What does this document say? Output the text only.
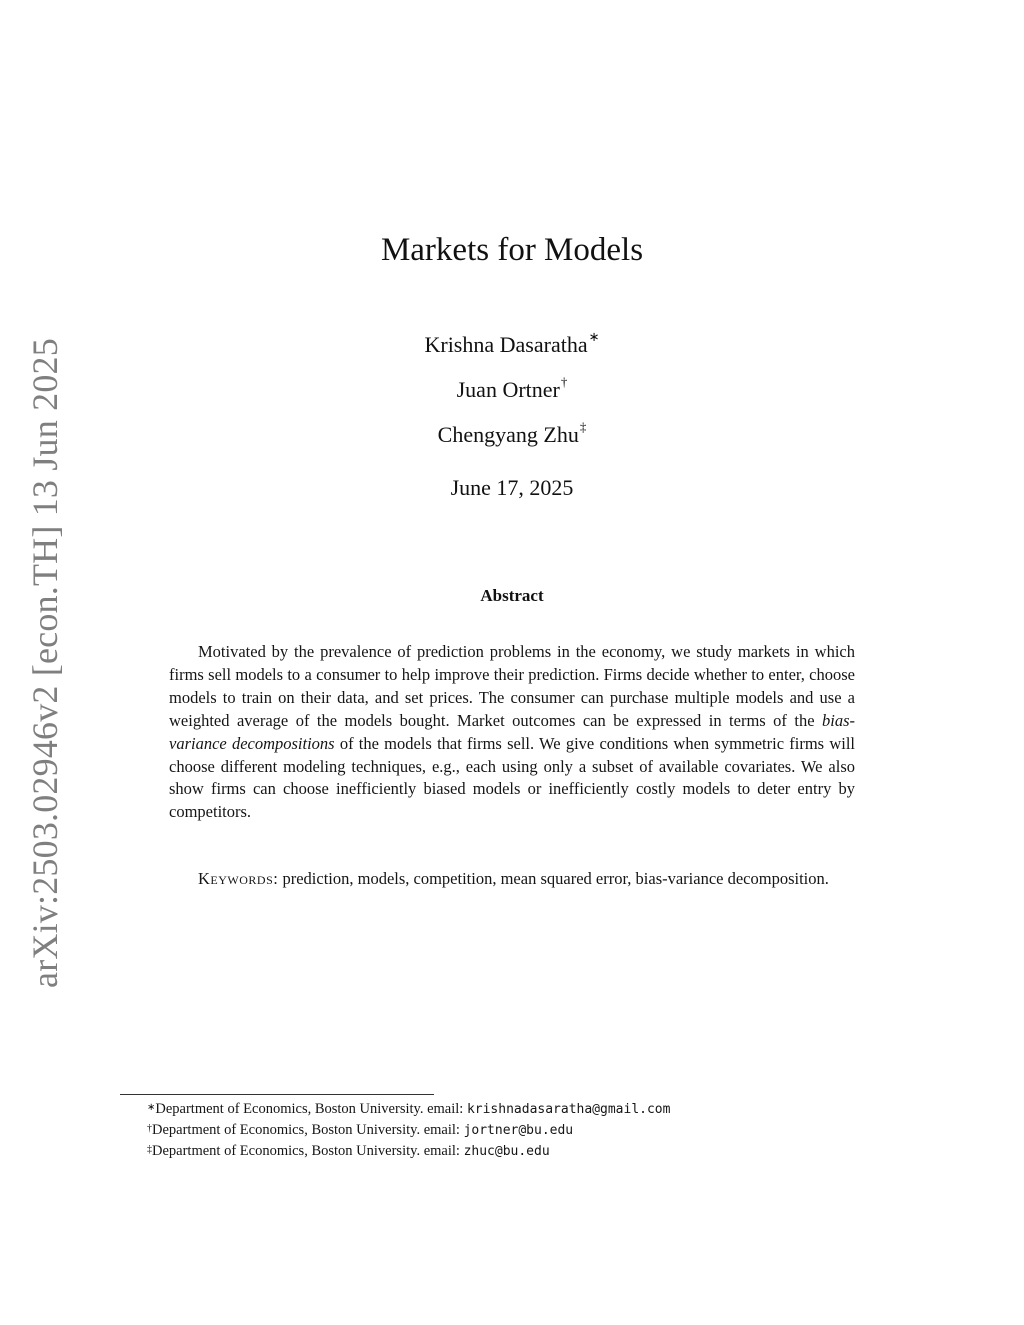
arXiv:2503.02946v2 [econ.TH] 13 Jun 2025
Markets for Models
Krishna Dasaratha∗
Juan Ortner†
Chengyang Zhu‡
June 17, 2025
Abstract

Motivated by the prevalence of prediction problems in the economy, we study markets in which firms sell models to a consumer to help improve their prediction. Firms decide whether to enter, choose models to train on their data, and set prices. The consumer can purchase multiple models and use a weighted average of the models bought. Market outcomes can be expressed in terms of the bias-variance decompositions of the models that firms sell. We give conditions when symmetric firms will choose different modeling techniques, e.g., each using only a subset of available covariates. We also show firms can choose inefficiently biased models or inefficiently costly models to deter entry by competitors.

Keywords: prediction, models, competition, mean squared error, bias-variance decomposition.

∗Department of Economics, Boston University. email: krishnadasaratha@gmail.com
†Department of Economics, Boston University. email: jortner@bu.edu
‡Department of Economics, Boston University. email: zhuc@bu.edu
